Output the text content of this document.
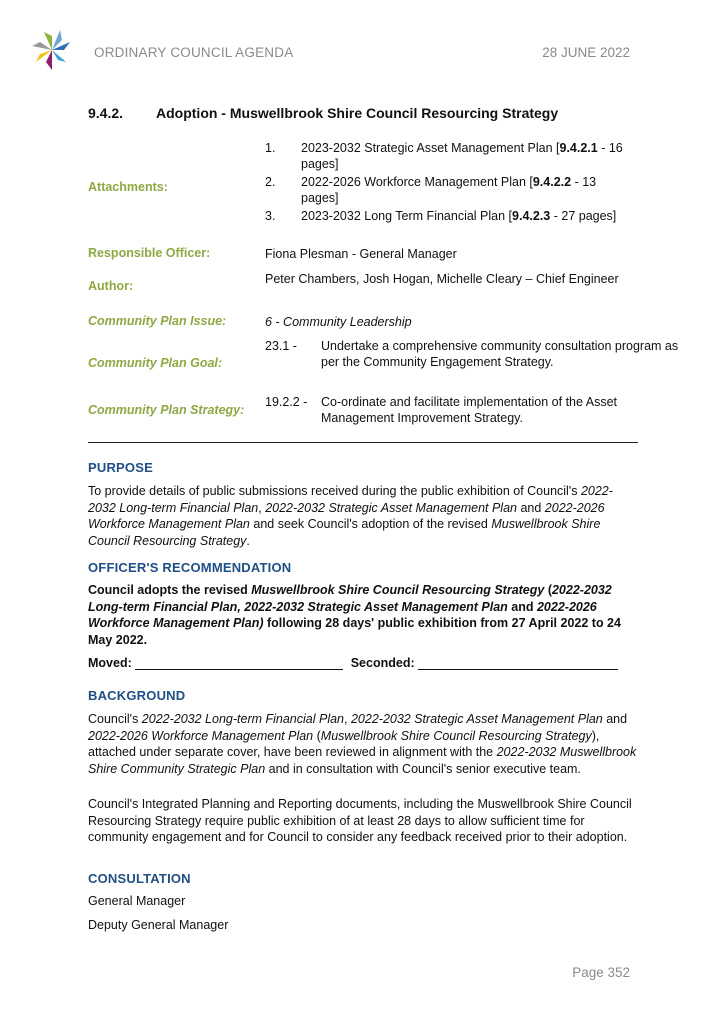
ORDINARY COUNCIL AGENDA	28 JUNE 2022
9.4.2. Adoption - Muswellbrook Shire Council Resourcing Strategy
Attachments:
1. 2023-2032 Strategic Asset Management Plan [9.4.2.1 - 16 pages]
2. 2022-2026 Workforce Management Plan [9.4.2.2 - 13 pages]
3. 2023-2032 Long Term Financial Plan [9.4.2.3 - 27 pages]
Responsible Officer:	Fiona Plesman - General Manager
Author:	Peter Chambers, Josh Hogan, Michelle Cleary – Chief Engineer
Community Plan Issue:	6 - Community Leadership
Community Plan Goal:
23.1 - Undertake a comprehensive community consultation program as per the Community Engagement Strategy.
Community Plan Strategy:
19.2.2 - Co-ordinate and facilitate implementation of the Asset Management Improvement Strategy.
PURPOSE
To provide details of public submissions received during the public exhibition of Council's 2022-2032 Long-term Financial Plan, 2022-2032 Strategic Asset Management Plan and 2022-2026 Workforce Management Plan and seek Council's adoption of the revised Muswellbrook Shire Council Resourcing Strategy.
OFFICER'S RECOMMENDATION
Council adopts the revised Muswellbrook Shire Council Resourcing Strategy (2022-2032 Long-term Financial Plan, 2022-2032 Strategic Asset Management Plan and 2022-2026 Workforce Management Plan) following 28 days' public exhibition from 27 April 2022 to 24 May 2022.
Moved:	Seconded:
BACKGROUND
Council's 2022-2032 Long-term Financial Plan, 2022-2032 Strategic Asset Management Plan and 2022-2026 Workforce Management Plan (Muswellbrook Shire Council Resourcing Strategy), attached under separate cover, have been reviewed in alignment with the 2022-2032 Muswellbrook Shire Community Strategic Plan and in consultation with Council's senior executive team.
Council's Integrated Planning and Reporting documents, including the Muswellbrook Shire Council Resourcing Strategy require public exhibition of at least 28 days to allow sufficient time for community engagement and for Council to consider any feedback received prior to their adoption.
CONSULTATION
General Manager
Deputy General Manager
Page 352
